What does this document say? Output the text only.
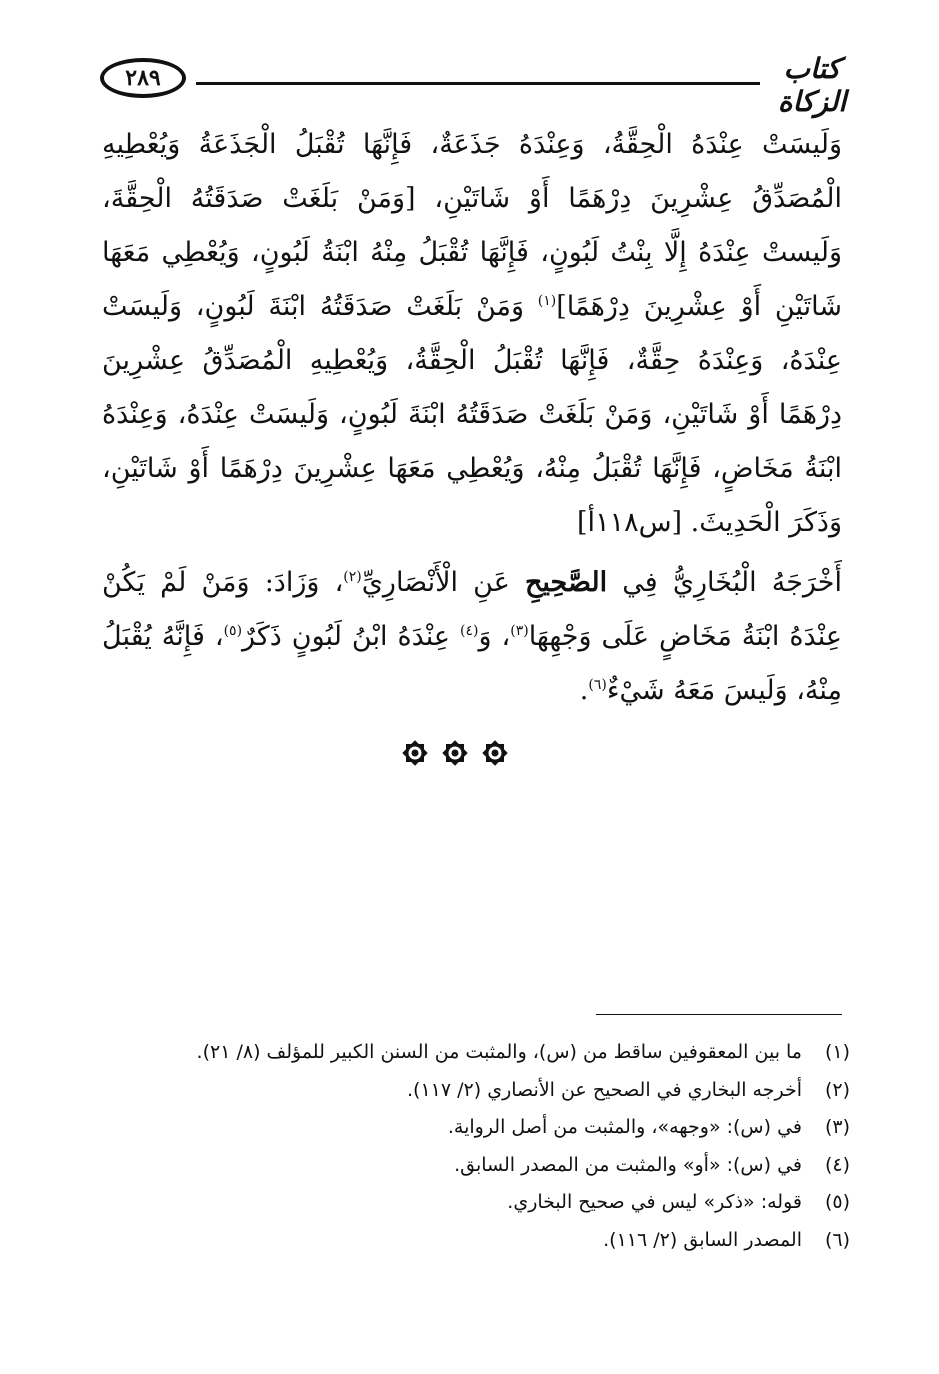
٢٨٩	كتاب الزكاة

وَلَيسَتْ عِنْدَهُ الْحِقَّةُ، وَعِنْدَهُ جَذَعَةٌ، فَإِنَّهَا تُقْبَلُ الْجَذَعَةُ وَيُعْطِيهِ الْمُصَدِّقُ عِشْرِينَ دِرْهَمًا أَوْ شَاتَيْنِ، [وَمَنْ بَلَغَتْ صَدَقَتُهُ الْحِقَّةَ، وَلَيستْ عِنْدَهُ إِلَّا بِنْتُ لَبُونٍ، فَإِنَّهَا تُقْبَلُ مِنْهُ ابْنَةُ لَبُونٍ، وَيُعْطِي مَعَهَا شَاتَيْنِ أَوْ عِشْرِينَ دِرْهَمًا]$^{(١)}$ وَمَنْ بَلَغَتْ صَدَقَتُهُ ابْنَةَ لَبُونٍ، وَلَيسَتْ عِنْدَهُ، وَعِنْدَهُ حِقَّةٌ، فَإِنَّهَا تُقْبَلُ الْحِقَّةُ، وَيُعْطِيهِ الْمُصَدِّقُ عِشْرِينَ دِرْهَمًا أَوْ شَاتَيْنِ، وَمَنْ بَلَغَتْ صَدَقَتُهُ ابْنَةَ لَبُونٍ، وَلَيسَتْ عِنْدَهُ، وَعِنْدَهُ ابْنَةُ مَخَاضٍ، فَإِنَّهَا تُقْبَلُ مِنْهُ، وَيُعْطِي مَعَهَا عِشْرِينَ دِرْهَمًا أَوْ شَاتَيْنِ، وَذَكَرَ الْحَدِيثَ. [س١١٨أ]

أَخْرَجَهُ الْبُخَارِيُّ فِي الصَّحِيحِ عَنِ الْأَنْصَارِيِّ$^{(٢)}$، وَزَادَ: وَمَنْ لَمْ يَكُنْ عِنْدَهُ ابْنَةُ مَخَاضٍ عَلَى وَجْهِهَا$^{(٣)}$، وَ$^{(٤)}$ عِنْدَهُ ابْنُ لَبُونٍ ذَكَرٌ$^{(٥)}$، فَإِنَّهُ يُقْبَلُ مِنْهُ، وَلَيسَ مَعَهُ شَيْءٌ$^{(٦)}$.

(١)
ما بين المعقوفين ساقط من (س)، والمثبت من السنن الكبير للمؤلف (٨/ ٢١).
(٢)
أخرجه البخاري في الصحيح عن الأنصاري (٢/ ١١٧).
(٣)
في (س): «وجهه»، والمثبت من أصل الرواية.
(٤)
في (س): «أو» والمثبت من المصدر السابق.
(٥)
قوله: «ذكر» ليس في صحيح البخاري.
(٦)
المصدر السابق (٢/ ١١٦).
